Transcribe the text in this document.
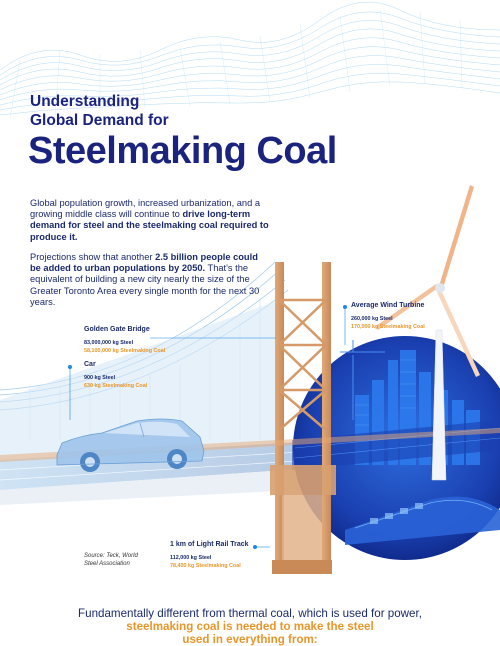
Understanding
Global Demand for
Steelmaking Coal
Global population growth, increased urbanization, and a growing middle class will continue to drive long-term demand for steel and the steelmaking coal required to produce it.
Projections show that another 2.5 billion people could be added to urban populations by 2050. That's the equivalent of building a new city nearly the size of the Greater Toronto Area every single month for the next 30 years.
Golden Gate Bridge
83,000,000 kg Steel
58,100,000 kg Steelmaking Coal
Car
900 kg Steel
630 kg Steelmaking Coal
Average Wind Turbine
260,000 kg Steel
170,000 kg Steelmaking Coal
1 km of Light Rail Track
112,000 kg Steel
78,400 kg Steelmaking Coal
Source: Teck, World
Steel Association
Fundamentally different from thermal coal, which is used for power,
steelmaking coal is needed to make the steel
used in everything from:
